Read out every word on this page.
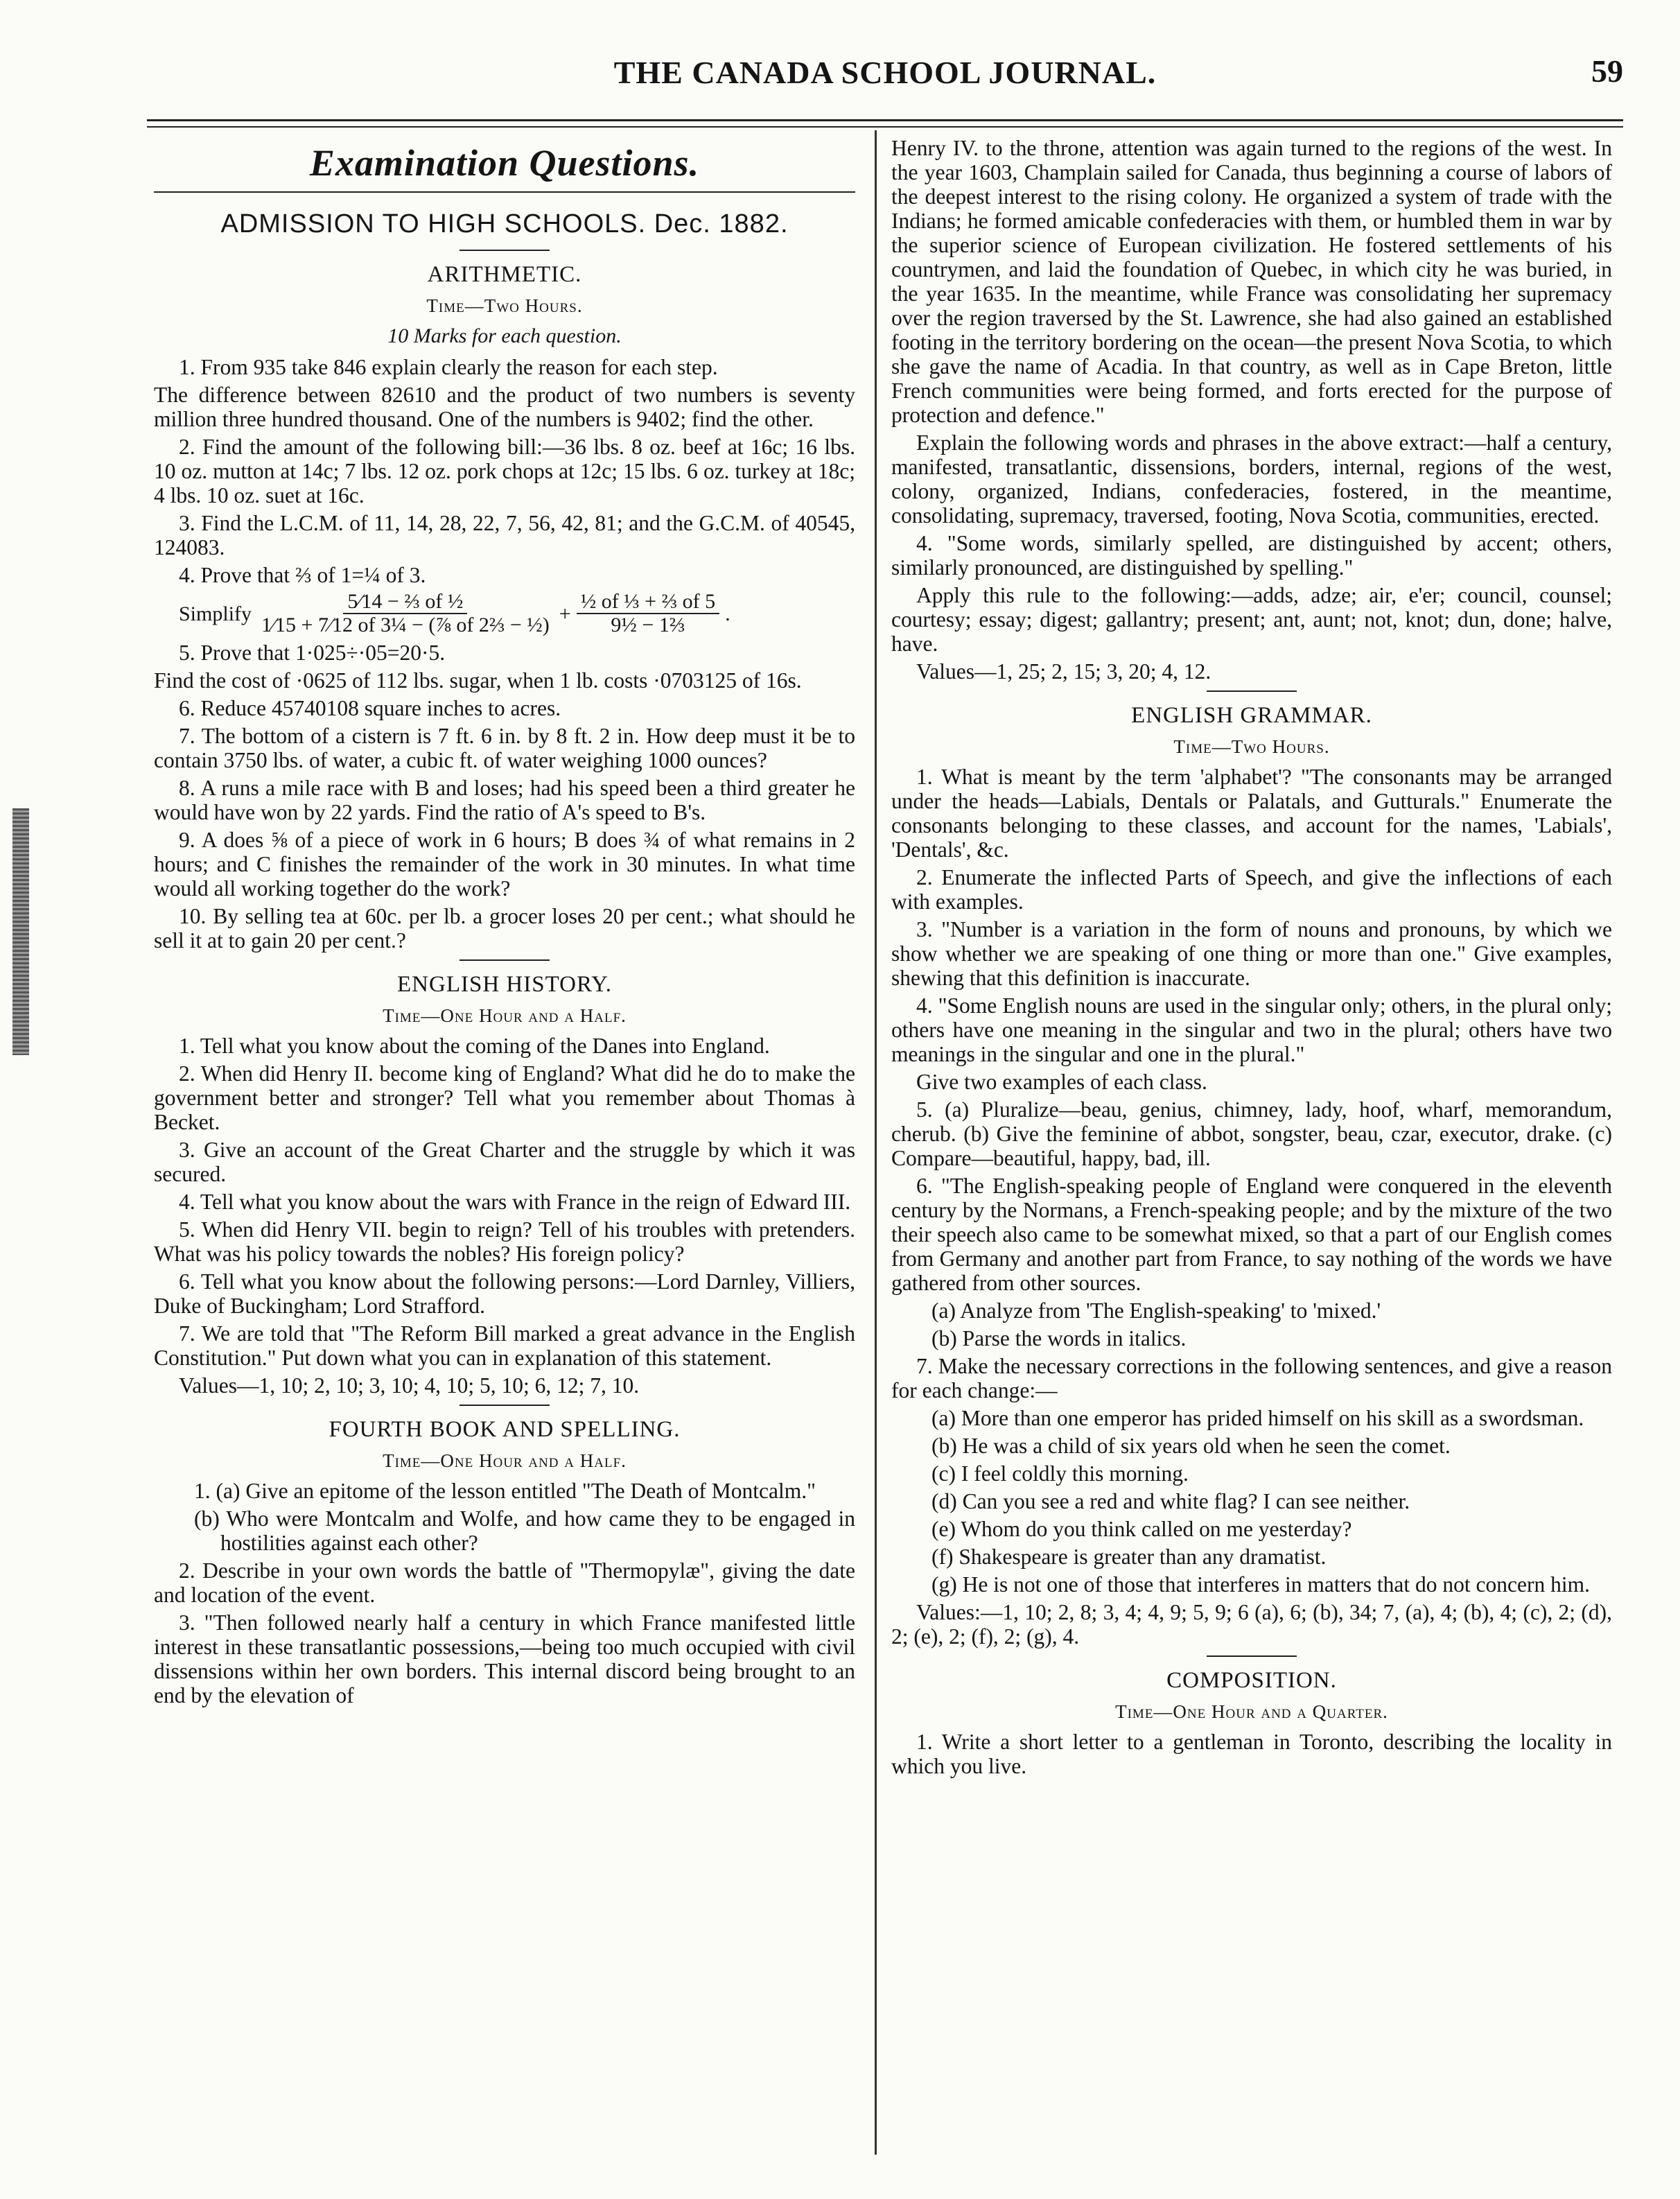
THE CANADA SCHOOL JOURNAL.	59
Examination Questions.
ADMISSION TO HIGH SCHOOLS. Dec. 1882.
ARITHMETIC.
Time—Two Hours.
10 Marks for each question.

1. From 935 take 846 explain clearly the reason for each step.

The difference between 82610 and the product of two numbers is seventy million three hundred thousand. One of the numbers is 9402; find the other.

2. Find the amount of the following bill:—36 lbs. 8 oz. beef at 16c; 16 lbs. 10 oz. mutton at 14c; 7 lbs. 12 oz. pork chops at 12c; 15 lbs. 6 oz. turkey at 18c; 4 lbs. 10 oz. suet at 16c.

3. Find the L.C.M. of 11, 14, 28, 22, 7, 56, 42, 81; and the G.C.M. of 40545, 124083.

4. Prove that ⅔ of 1=¼ of 3.

Simplify $\frac{\text{5⁄14 − ⅔ of ½}}{\text{1⁄15 + 7⁄12 of 3¼ − (⅞ of 2⅔ − ½)}} + \frac{\text{½ of ⅓ + ⅔ of 5}}{\text{9½ − 1⅔}}$ .

5. Prove that 1·025÷·05=20·5.

Find the cost of ·0625 of 112 lbs. sugar, when 1 lb. costs ·0703125 of 16s.

6. Reduce 45740108 square inches to acres.

7. The bottom of a cistern is 7 ft. 6 in. by 8 ft. 2 in. How deep must it be to contain 3750 lbs. of water, a cubic ft. of water weighing 1000 ounces?

8. A runs a mile race with B and loses; had his speed been a third greater he would have won by 22 yards. Find the ratio of A's speed to B's.

9. A does ⅝ of a piece of work in 6 hours; B does ¾ of what remains in 2 hours; and C finishes the remainder of the work in 30 minutes. In what time would all working together do the work?

10. By selling tea at 60c. per lb. a grocer loses 20 per cent.; what should he sell it at to gain 20 per cent.?

ENGLISH HISTORY.
Time—One Hour and a Half.

1. Tell what you know about the coming of the Danes into England.

2. When did Henry II. become king of England? What did he do to make the government better and stronger? Tell what you remember about Thomas à Becket.

3. Give an account of the Great Charter and the struggle by which it was secured.

4. Tell what you know about the wars with France in the reign of Edward III.

5. When did Henry VII. begin to reign? Tell of his troubles with pretenders. What was his policy towards the nobles? His foreign policy?

6. Tell what you know about the following persons:—Lord Darnley, Villiers, Duke of Buckingham; Lord Strafford.

7. We are told that "The Reform Bill marked a great advance in the English Constitution." Put down what you can in explanation of this statement.

Values—1, 10; 2, 10; 3, 10; 4, 10; 5, 10; 6, 12; 7, 10.

FOURTH BOOK AND SPELLING.
Time—One Hour and a Half.

1. (a) Give an epitome of the lesson entitled "The Death of Montcalm."

(b) Who were Montcalm and Wolfe, and how came they to be engaged in hostilities against each other?

2. Describe in your own words the battle of "Thermopylæ", giving the date and location of the event.

3. "Then followed nearly half a century in which France manifested little interest in these transatlantic possessions,—being too much occupied with civil dissensions within her own borders. This internal discord being brought to an end by the elevation of

Henry IV. to the throne, attention was again turned to the regions of the west. In the year 1603, Champlain sailed for Canada, thus beginning a course of labors of the deepest interest to the rising colony. He organized a system of trade with the Indians; he formed amicable confederacies with them, or humbled them in war by the superior science of European civilization. He fostered settlements of his countrymen, and laid the foundation of Quebec, in which city he was buried, in the year 1635. In the meantime, while France was consolidating her supremacy over the region traversed by the St. Lawrence, she had also gained an established footing in the territory bordering on the ocean—the present Nova Scotia, to which she gave the name of Acadia. In that country, as well as in Cape Breton, little French communities were being formed, and forts erected for the purpose of protection and defence."

Explain the following words and phrases in the above extract:—half a century, manifested, transatlantic, dissensions, borders, internal, regions of the west, colony, organized, Indians, confederacies, fostered, in the meantime, consolidating, supremacy, traversed, footing, Nova Scotia, communities, erected.

4. "Some words, similarly spelled, are distinguished by accent; others, similarly pronounced, are distinguished by spelling."

Apply this rule to the following:—adds, adze; air, e'er; council, counsel; courtesy; essay; digest; gallantry; present; ant, aunt; not, knot; dun, done; halve, have.

Values—1, 25; 2, 15; 3, 20; 4, 12.

ENGLISH GRAMMAR.
Time—Two Hours.

1. What is meant by the term 'alphabet'? "The consonants may be arranged under the heads—Labials, Dentals or Palatals, and Gutturals." Enumerate the consonants belonging to these classes, and account for the names, 'Labials', 'Dentals', &c.

2. Enumerate the inflected Parts of Speech, and give the inflections of each with examples.

3. "Number is a variation in the form of nouns and pronouns, by which we show whether we are speaking of one thing or more than one." Give examples, shewing that this definition is inaccurate.

4. "Some English nouns are used in the singular only; others, in the plural only; others have one meaning in the singular and two in the plural; others have two meanings in the singular and one in the plural."

Give two examples of each class.

5. (a) Pluralize—beau, genius, chimney, lady, hoof, wharf, memorandum, cherub. (b) Give the feminine of abbot, songster, beau, czar, executor, drake. (c) Compare—beautiful, happy, bad, ill.

6. "The English-speaking people of England were conquered in the eleventh century by the Normans, a French-speaking people; and by the mixture of the two their speech also came to be somewhat mixed, so that a part of our English comes from Germany and another part from France, to say nothing of the words we have gathered from other sources.

(a) Analyze from 'The English-speaking' to 'mixed.'

(b) Parse the words in italics.

7. Make the necessary corrections in the following sentences, and give a reason for each change:—

(a) More than one emperor has prided himself on his skill as a swordsman.

(b) He was a child of six years old when he seen the comet.

(c) I feel coldly this morning.

(d) Can you see a red and white flag? I can see neither.

(e) Whom do you think called on me yesterday?

(f) Shakespeare is greater than any dramatist.

(g) He is not one of those that interferes in matters that do not concern him.

Values:—1, 10; 2, 8; 3, 4; 4, 9; 5, 9; 6 (a), 6; (b), 34; 7, (a), 4; (b), 4; (c), 2; (d), 2; (e), 2; (f), 2; (g), 4.

COMPOSITION.
Time—One Hour and a Quarter.

1. Write a short letter to a gentleman in Toronto, describing the locality in which you live.
